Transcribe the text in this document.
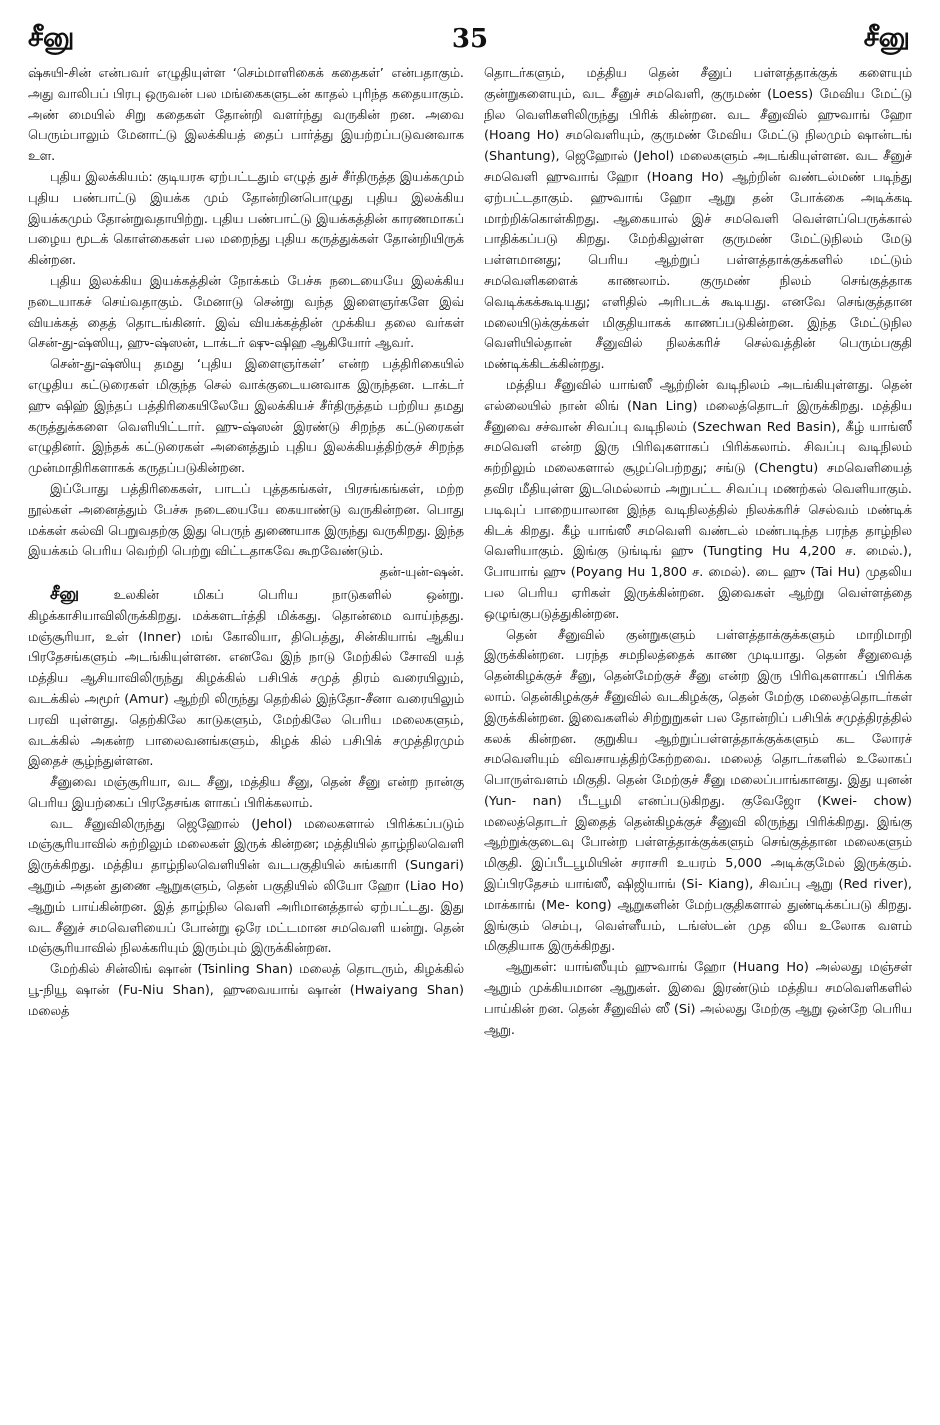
சீனு	35	சீனு

ஷ்சுயி-சின் என்பவர் எழுதியுள்ள ‘செம்மாளிகைக் கதைகள்’ என்பதாகும். அது வாலிபப் பிரபு ஒருவன் பல மங்கைகளுடன் காதல் புரிந்த கதையாகும். அண் மையில் சிறு கதைகள் தோன்றி வளர்ந்து வருகின் றன. அவை பெரும்பாலும் மேனாட்டு இலக்கியத் தைப் பார்த்து இயற்றப்படுவனவாக உள.

புதிய இலக்கியம்: குடியரசு ஏற்பட்டதும் எழுத் துச் சீர்திருத்த இயக்கமும் புதிய பண்பாட்டு இயக்க மும் தோன்றினபொழுது புதிய இலக்கிய இயக்கமும் தோன்றுவதாயிற்று. புதிய பண்பாட்டு இயக்கத்தின் காரணமாகப் பழைய மூடக் கொள்கைகள் பல மறைந்து புதிய கருத்துக்கள் தோன்றியிருக் கின்றன.

புதிய இலக்கிய இயக்கத்தின் நோக்கம் பேச்சு நடையையே இலக்கிய நடையாகச் செய்வதாகும். மேனாடு சென்று வந்த இளைஞர்களே இவ் வியக்கத் தைத் தொடங்கினர். இவ் வியக்கத்தின் முக்கிய தலை வர்கள் சென்-து-ஷ்ஸியு, ஹு-ஷ்ஸன், டாக்டர் ஷு-ஷிஹ ஆகியோர் ஆவர்.

சென்-து-ஷ்ஸியு தமது ‘புதிய இளைஞர்கள்’ என்ற பத்திரிகையில் எழுதிய கட்டுரைகள் மிகுந்த செல் வாக்குடையனவாக இருந்தன. டாக்டர் ஹு ஷிஹ் இந்தப் பத்திரிகையிலேயே இலக்கியச் சீர்திருத்தம் பற்றிய தமது கருத்துக்களை வெளியிட்டார். ஹு-ஷ்ஸன் இரண்டு சிறந்த கட்டுரைகள் எழுதினர். இந்தக் கட்டுரைகள் அனைத்தும் புதிய இலக்கியத்திற்குச் சிறந்த முன்மாதிரிகளாகக் கருதப்படுகின்றன.

இப்போது பத்திரிகைகள், பாடப் புத்தகங்கள், பிரசங்கங்கள், மற்ற நூல்கள் அனைத்தும் பேச்சு நடையையே கையாண்டு வருகின்றன. பொது மக்கள் கல்வி பெறுவதற்கு இது பெருந் துணையாக இருந்து வருகிறது. இந்த இயக்கம் பெரிய வெற்றி பெற்று விட்டதாகவே கூறவேண்டும்.

தன்-யுன்-ஷன்.

சீனு உலகின் மிகப் பெரிய நாடுகளில் ஒன்று. கிழக்காசியாவிலிருக்கிறது. மக்களடர்த்தி மிக்கது. தொன்மை வாய்ந்தது. மஞ்சூரியா, உள் (Inner) மங் கோலியா, திபெத்து, சின்கியாங் ஆகிய பிரதேசங்களும் அடங்கியுள்ளன. எனவே இந் நாடு மேற்கில் சோவி யத் மத்திய ஆசியாவிலிருந்து கிழக்கில் பசிபிக் சமுத் திரம் வரையிலும், வடக்கில் அமூர் (Amur) ஆற்றி லிருந்து தெற்கில் இந்தோ-சீனா வரையிலும் பரவி யுள்ளது. தெற்கிலே காடுகளும், மேற்கிலே பெரிய மலைகளும், வடக்கில் அகன்ற பாலைவனங்களும், கிழக் கில் பசிபிக் சமுத்திரமும் இதைச் சூழ்ந்துள்ளன.

சீனுவை மஞ்சூரியா, வட சீனு, மத்திய சீனு, தென் சீனு என்ற நான்கு பெரிய இயற்கைப் பிரதேசங்க ளாகப் பிரிக்கலாம்.

வட சீனுவிலிருந்து ஜெஹோல் (Jehol) மலைகளால் பிரிக்கப்படும் மஞ்சூரியாவில் சுற்றிலும் மலைகள் இருக் கின்றன; மத்தியில் தாழ்நிலவெளி இருக்கிறது. மத்திய தாழ்நிலவெளியின் வடபகுதியில் சுங்காரி (Sungari) ஆறும் அதன் துணை ஆறுகளும், தென் பகுதியில் லியோ ஹோ (Liao Ho) ஆறும் பாய்கின்றன. இத் தாழ்நில வெளி அரிமானத்தால் ஏற்பட்டது. இது வட சீனுச் சமவெளியைப் போன்று ஒரே மட்டமான சமவெளி யன்று. தென் மஞ்சூரியாவில் நிலக்கரியும் இரும்பும் இருக்கின்றன.

மேற்கில் சின்லிங் ஷான் (Tsinling Shan) மலைத் தொடரும், கிழக்கில் பூ-நியூ ஷான் (Fu-Niu Shan), ஹுவையாங் ஷான் (Hwaiyang Shan) மலைத்

தொடர்களும், மத்திய தென் சீனுப் பள்ளத்தாக்குக் களையும் குன்றுகளையும், வட சீனுச் சமவெளி, குருமண் (Loess) மேவிய மேட்டு நில வெளிகளிலிருந்து பிரிக் கின்றன. வட சீனுவில் ஹுவாங் ஹோ (Hoang Ho) சமவெளியும், குருமண் மேவிய மேட்டு நிலமும் ஷான்டங் (Shantung), ஜெஹோல் (Jehol) மலைகளும் அடங்கியுள்ளன. வட சீனுச் சமவெளி ஹுவாங் ஹோ (Hoang Ho) ஆற்றின் வண்டல்மண் படிந்து ஏற்பட்டதாகும். ஹுவாங் ஹோ ஆறு தன் போக்கை அடிக்கடி மாற்றிக்கொள்கிறது. ஆகையால் இச் சமவெளி வெள்ளப்பெருக்கால் பாதிக்கப்படு கிறது. மேற்கிலுள்ள குருமண் மேட்டுநிலம் மேடு பள்ளமானது; பெரிய ஆற்றுப் பள்ளத்தாக்குக்களில் மட்டும் சமவெளிகளைக் காணலாம். குருமண் நிலம் செங்குத்தாக வெடிக்கக்கூடியது; எளிதில் அரிபடக் கூடியது. எனவே செங்குத்தான மலையிடுக்குக்கள் மிகுதியாகக் காணப்படுகின்றன. இந்த மேட்டுநில வெளியில்தான் சீனுவில் நிலக்கரிச் செல்வத்தின் பெரும்பகுதி மண்டிக்கிடக்கின்றது.

மத்திய சீனுவில் யாங்ஸீ ஆற்றின் வடிநிலம் அடங்கியுள்ளது. தென் எல்லையில் நான் லிங் (Nan Ling) மலைத்தொடர் இருக்கிறது. மத்திய சீனுவை சச்வான் சிவப்பு வடிநிலம் (Szechwan Red Basin), கீழ் யாங்ஸீ சமவெளி என்ற இரு பிரிவுகளாகப் பிரிக்கலாம். சிவப்பு வடிநிலம் சுற்றிலும் மலைகளால் சூழப்பெற்றது; சங்டு (Chengtu) சமவெளியைத் தவிர மீதியுள்ள இடமெல்லாம் அறுபட்ட சிவப்பு மணற்கல் வெளியாகும். படிவுப் பாறையாலான இந்த வடிநிலத்தில் நிலக்கரிச் செல்வம் மண்டிக் கிடக் கிறது. கீழ் யாங்ஸீ சமவெளி வண்டல் மண்படிந்த பரந்த தாழ்நில வெளியாகும். இங்கு டுங்டிங் ஹு (Tungting Hu 4,200 ச. மைல்.), போயாங் ஹு (Poyang Hu 1,800 ச. மைல்). டை ஹு (Tai Hu) முதலிய பல பெரிய ஏரிகள் இருக்கின்றன. இவைகள் ஆற்று வெள்ளத்தை ஒழுங்குபடுத்துகின்றன.

தென் சீனுவில் குன்றுகளும் பள்ளத்தாக்குக்களும் மாறிமாறி இருக்கின்றன. பரந்த சமநிலத்தைக் காண முடியாது. தென் சீனுவைத் தென்கிழக்குச் சீனு, தென்மேற்குச் சீனு என்ற இரு பிரிவுகளாகப் பிரிக்க லாம். தென்கிழக்குச் சீனுவில் வடகிழக்கு, தென் மேற்கு மலைத்தொடர்கள் இருக்கின்றன. இவைகளில் சிற்றுறுகள் பல தோன்றிப் பசிபிக் சமுத்திரத்தில் கலக் கின்றன. குறுகிய ஆற்றுப்பள்ளத்தாக்குக்களும் கட லோரச் சமவெளியும் விவசாயத்திற்கேற்றவை. மலைத் தொடர்களில் உலோகப் பொருள்வளம் மிகுதி. தென் மேற்குச் சீனு மலைப்பாங்கானது. இது யுனன் (Yun- nan) பீடபூமி எனப்படுகிறது. குவேஜோ (Kwei- chow) மலைத்தொடர் இதைத் தென்கிழக்குச் சீனுவி லிருந்து பிரிக்கிறது. இங்கு ஆற்றுக்குடைவு போன்ற பள்ளத்தாக்குக்களும் செங்குத்தான மலைகளும் மிகுதி. இப்பீடபூமியின் சராசரி உயரம் 5,000 அடிக்குமேல் இருக்கும். இப்பிரதேசம் யாங்ஸீ, ஷிஜியாங் (Si- Kiang), சிவப்பு ஆறு (Red river), மாக்காங் (Me- kong) ஆறுகளின் மேற்பகுதிகளால் துண்டிக்கப்படு கிறது. இங்கும் செம்பு, வெள்ளீயம், டங்ஸ்டன் முத லிய உலோக வளம் மிகுதியாக இருக்கிறது.

ஆறுகள்: யாங்ஸீயும் ஹுவாங் ஹோ (Huang Ho) அல்லது மஞ்சள் ஆறும் முக்கியமான ஆறுகள். இவை இரண்டும் மத்திய சமவெளிகளில் பாய்கின் றன. தென் சீனுவில் ஸீ (Si) அல்லது மேற்கு ஆறு ஒன்றே பெரிய ஆறு.
